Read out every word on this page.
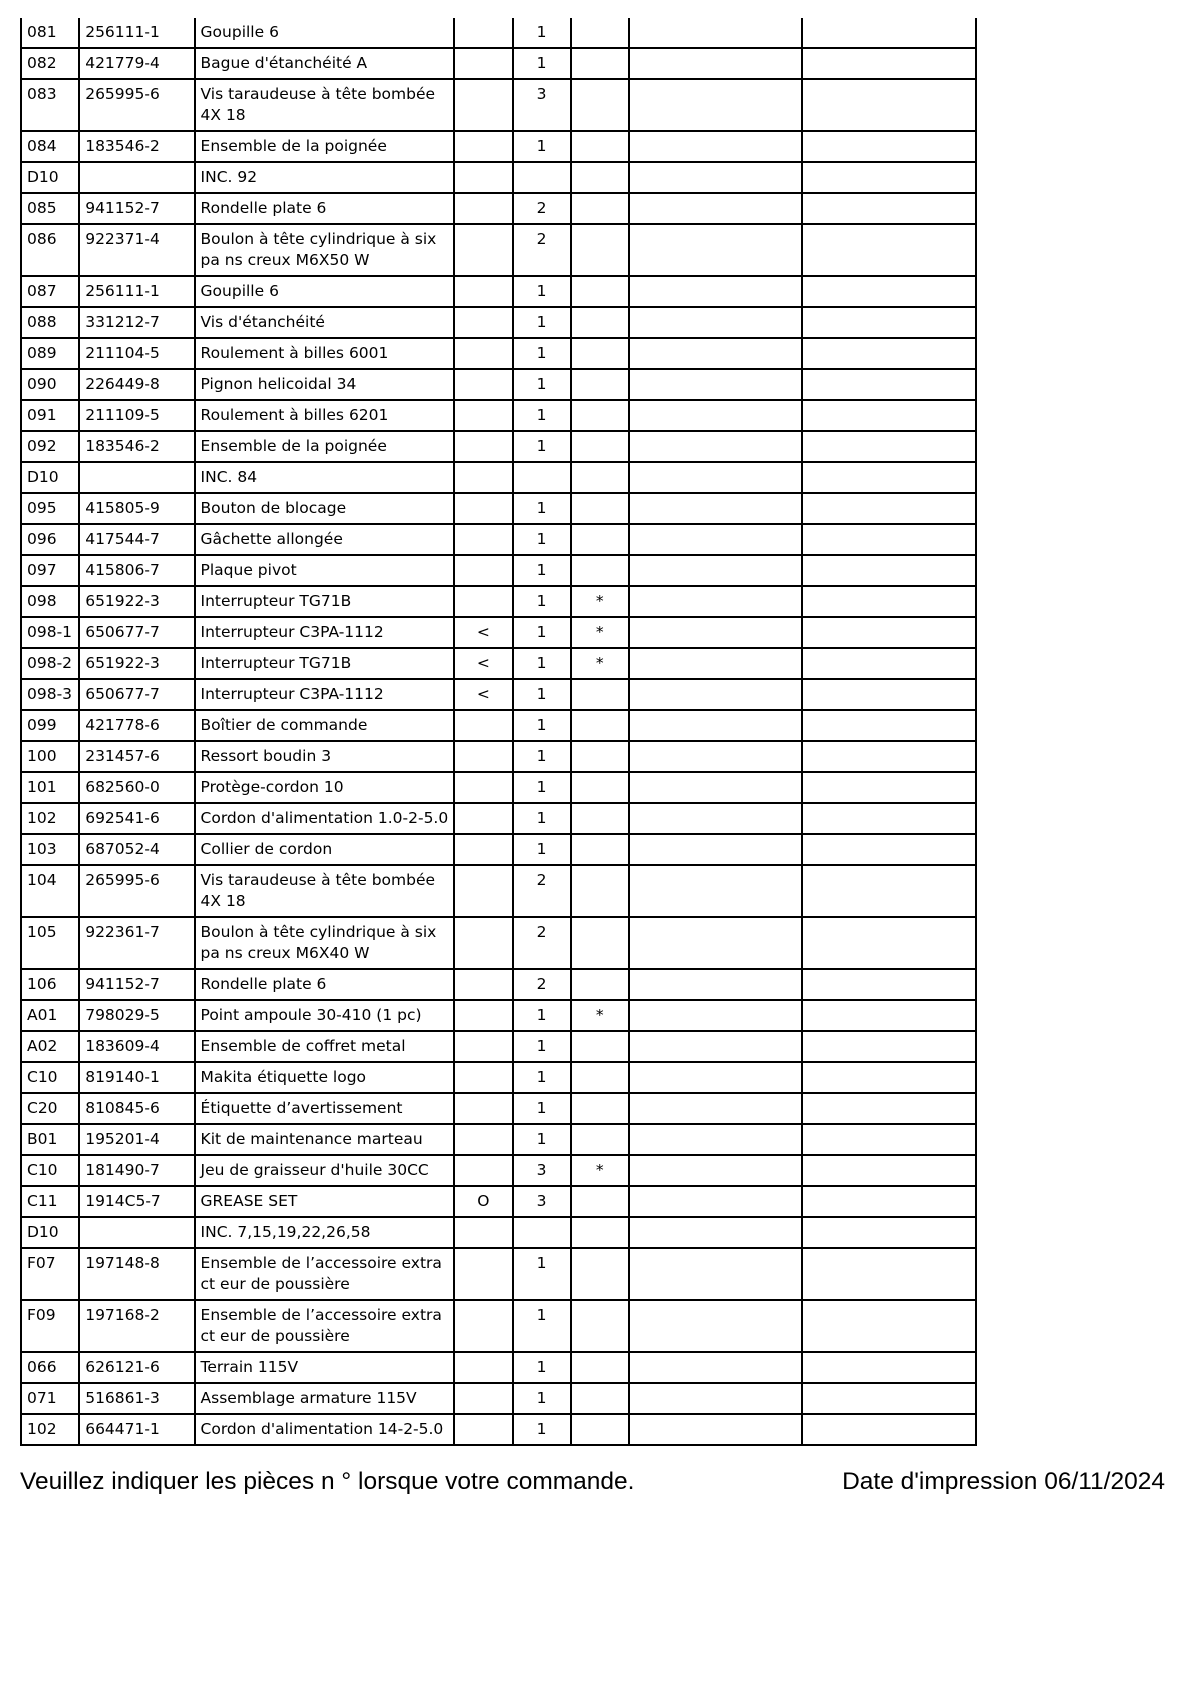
081	256111-1	Goupille 6		1			
082	421779-4	Bague d'étanchéité A		1			
083	265995-6	Vis taraudeuse à tête bombée 4X 18		3			
084	183546-2	Ensemble de la poignée		1			
D10		INC. 92					
085	941152-7	Rondelle plate 6		2			
086	922371-4	Boulon à tête cylindrique à six pa ns creux M6X50 W		2			
087	256111-1	Goupille 6		1			
088	331212-7	Vis d'étanchéité		1			
089	211104-5	Roulement à billes 6001		1			
090	226449-8	Pignon helicoidal 34		1			
091	211109-5	Roulement à billes 6201		1			
092	183546-2	Ensemble de la poignée		1			
D10		INC. 84					
095	415805-9	Bouton de blocage		1			
096	417544-7	Gâchette allongée		1			
097	415806-7	Plaque pivot		1			
098	651922-3	Interrupteur TG71B		1	*		
098-1	650677-7	Interrupteur C3PA-1112	<	1	*		
098-2	651922-3	Interrupteur TG71B	<	1	*		
098-3	650677-7	Interrupteur C3PA-1112	<	1			
099	421778-6	Boîtier de commande		1			
100	231457-6	Ressort boudin 3		1			
101	682560-0	Protège-cordon 10		1			
102	692541-6	Cordon d'alimentation 1.0-2-5.0		1			
103	687052-4	Collier de cordon		1			
104	265995-6	Vis taraudeuse à tête bombée 4X 18		2			
105	922361-7	Boulon à tête cylindrique à six pa ns creux M6X40 W		2			
106	941152-7	Rondelle plate 6		2			
A01	798029-5	Point ampoule 30-410 (1 pc)		1	*		
A02	183609-4	Ensemble de coffret metal		1			
C10	819140-1	Makita étiquette logo		1			
C20	810845-6	Étiquette d’avertissement		1			
B01	195201-4	Kit de maintenance marteau		1			
C10	181490-7	Jeu de graisseur d'huile 30CC		3	*		
C11	1914C5-7	GREASE SET	O	3			
D10		INC. 7,15,19,22,26,58					
F07	197148-8	Ensemble de l’accessoire extract eur de poussière		1			
F09	197168-2	Ensemble de l’accessoire extract eur de poussière		1			
066	626121-6	Terrain 115V		1			
071	516861-3	Assemblage armature 115V		1			
102	664471-1	Cordon d'alimentation 14-2-5.0		1			
Veuillez indiquer les pièces n ° lorsque votre commande.	Date d'impression 06/11/2024
